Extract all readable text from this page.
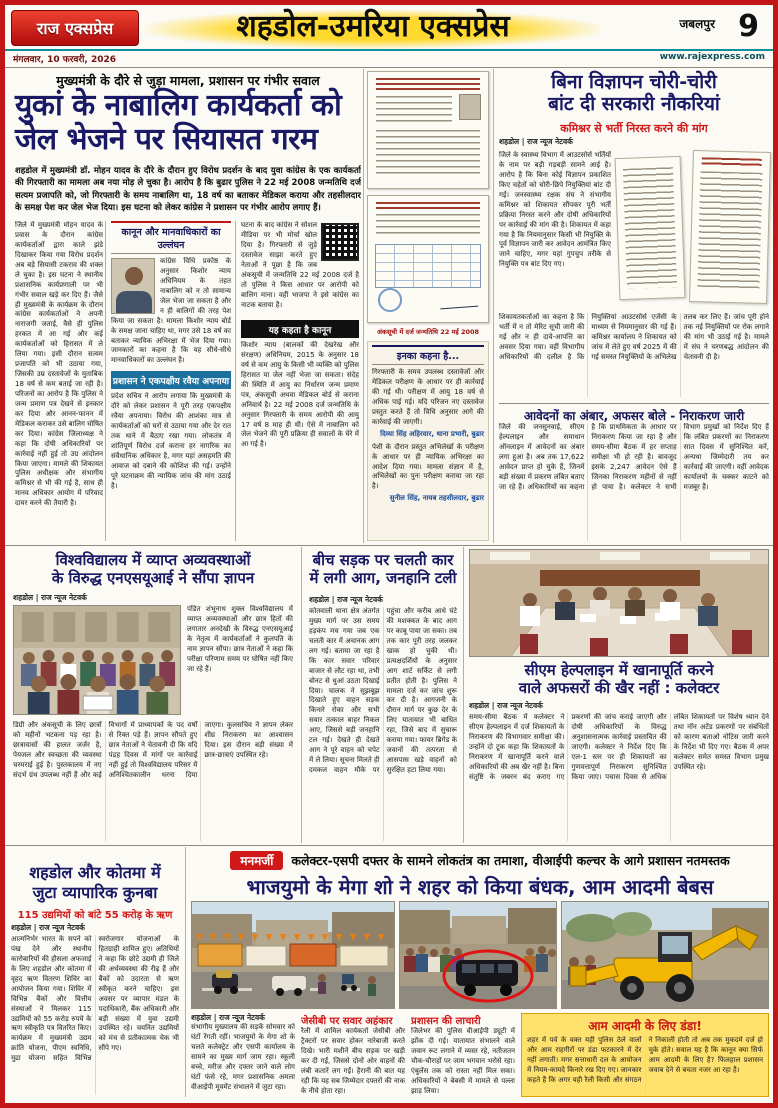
राज एक्सप्रेस	शहडोल-उमरिया एक्सप्रेस	जबलपुर 9
मंगलवार, 10 फरवरी, 2026	www.rajexpress.com
मुख्यमंत्री के दौरे से जुड़ा मामला, प्रशासन पर गंभीर सवाल
युकां के नाबालिग कार्यकर्ता को
जेल भेजने पर सियासत गरम

शहडोल में मुख्यमंत्री डॉ. मोहन यादव के दौरे के दौरान हुए विरोध प्रदर्शन के बाद युवा कांग्रेस के एक कार्यकर्ता की गिरफ्तारी का मामला अब नया मोड़ ले चुका है। आरोप है कि बुढार पुलिस ने 22 मई 2008 जन्मतिथि दर्ज सत्यम प्रजापति को, जो गिरफ्तारी के समय नाबालिग था, 18 वर्ष का बताकर मेडिकल कराया और तहसीलदार के समक्ष पेश कर जेल भेज दिया। इस घटना को लेकर कांग्रेस ने प्रशासन पर गंभीर आरोप लगाए हैं।

जिले में मुख्यमंत्री मोहन यादव के प्रवास के दौरान कांग्रेस कार्यकर्ताओं द्वारा काले झंडे दिखाकर किया गया विरोध प्रदर्शन अब बड़े सियासी टकराव की शक्ल ले चुका है। इस घटना ने स्थानीय प्रशासनिक कार्यप्रणाली पर भी गंभीर सवाल खड़े कर दिए हैं। जैसे ही मुख्यमंत्री के कार्यक्रम के दौरान कांग्रेस कार्यकर्ताओं ने अपनी नाराजगी जताई, वैसे ही पुलिस हरकत में आ गई और कई कार्यकर्ताओं को हिरासत में ले लिया गया। इसी दौरान सत्यम प्रजापति को भी उठाया गया, जिसकी उम्र दस्तावेजों के मुताबिक 18 वर्ष से कम बताई जा रही है। परिजनों का आरोप है कि पुलिस ने जन्म प्रमाण पत्र देखने से इनकार कर दिया और आनन-फानन में मेडिकल कराकर उसे बालिग घोषित कर दिया। कांग्रेस जिलाध्यक्ष ने कहा कि दोषी अधिकारियों पर कार्रवाई नहीं हुई तो उग्र आंदोलन किया जाएगा। मामले की शिकायत पुलिस अधीक्षक और संभागीय कमिश्नर से भी की गई है, साथ ही मानव अधिकार आयोग में परिवाद दायर करने की तैयारी है।
कानून और मानवाधिकारों का उल्लंघन
कांग्रेस विधि प्रकोष्ठ के अनुसार किशोर न्याय अधिनियम के तहत नाबालिग को न तो सामान्य जेल भेजा जा सकता है और न ही बालिगों की तरह पेश किया जा सकता है। मामला किशोर न्याय बोर्ड के समक्ष जाना चाहिए था, मगर उसे 18 वर्ष का बताकर न्यायिक अभिरक्षा में भेज दिया गया। जानकारों का कहना है कि यह सीधे-सीधे मानवाधिकारों का उल्लंघन है।
प्रशासन ने एकपक्षीय रवैया अपनाया
प्रदेश सचिव ने आरोप लगाया कि मुख्यमंत्री के दौरे को लेकर प्रशासन ने पूरी तरह एकपक्षीय रवैया अपनाया। विरोध की आशंका मात्र से कार्यकर्ताओं को घरों से उठाया गया और देर रात तक थाने में बैठाए रखा गया। लोकतंत्र में शांतिपूर्ण विरोध दर्ज कराना हर नागरिक का संवैधानिक अधिकार है, मगर यहां असहमति की आवाज को दबाने की कोशिश की गई। उन्होंने पूरे घटनाक्रम की न्यायिक जांच की मांग उठाई है।
घटना के बाद कांग्रेस ने सोशल मीडिया पर भी मोर्चा खोल दिया है। गिरफ्तारी से जुड़े दस्तावेज साझा करते हुए नेताओं ने पूछा है कि जब अंकसूची में जन्मतिथि 22 मई 2008 दर्ज है तो पुलिस ने किस आधार पर आरोपी को बालिग माना। वहीं भाजपा ने इसे कांग्रेस का नाटक बताया है।
यह कहता है कानून
किशोर न्याय (बालकों की देखरेख और संरक्षण) अधिनियम, 2015 के अनुसार 18 वर्ष से कम आयु के किसी भी व्यक्ति को पुलिस हिरासत या जेल नहीं भेजा जा सकता। संदेह की स्थिति में आयु का निर्धारण जन्म प्रमाण पत्र, अंकसूची अथवा मेडिकल बोर्ड से कराना अनिवार्य है। 22 मई 2008 दर्ज जन्मतिथि के अनुसार गिरफ्तारी के समय आरोपी की आयु 17 वर्ष 8 माह ही थी। ऐसे में नाबालिग को जेल भेजने की पूरी प्रक्रिया ही सवालों के घेरे में आ गई है।
अंकसूची में दर्ज जन्मतिथि 22 मई 2008
इनका कहना है...
गिरफ्तारी के समय उपलब्ध दस्तावेजों और मेडिकल परीक्षण के आधार पर ही कार्रवाई की गई थी। परीक्षण में आयु 18 वर्ष से अधिक पाई गई। यदि परिजन नए दस्तावेज प्रस्तुत करते हैं तो विधि अनुसार आगे की कार्रवाई की जाएगी।
दिव्या सिंह अहिरवार, थाना प्रभारी, बुढार
पेशी के दौरान प्रस्तुत अभिलेखों के परीक्षण के आधार पर ही न्यायिक अभिरक्षा का आदेश दिया गया। मामला संज्ञान में है, अभिलेखों का पुनः परीक्षण कराया जा रहा है।
सुनील सिंह, नायब तहसीलदार, बुढार
बिना विज्ञापन चोरी-चोरी
बांट दी सरकारी नौकरियां
कमिश्नर से भर्ती निरस्त करने की मांग
शहडोल | राज न्यूज नेटवर्क
जिले के स्वास्थ्य विभाग में आउटसोर्स भर्तियों के नाम पर बड़ी गड़बड़ी सामने आई है। आरोप है कि बिना कोई विज्ञापन प्रकाशित किए चहेतों को चोरी-छिपे नियुक्तियां बांट दी गईं। जनस्वास्थ्य रक्षक संघ ने संभागीय कमिश्नर को शिकायत सौंपकर पूरी भर्ती प्रक्रिया निरस्त करने और दोषी अधिकारियों पर कार्रवाई की मांग की है। शिकायत में कहा गया है कि नियमानुसार किसी भी नियुक्ति के पूर्व विज्ञापन जारी कर आवेदन आमंत्रित किए जाने चाहिए, मगर यहां गुपचुप तरीके से नियुक्ति पत्र बांट दिए गए।
शिकायतकर्ताओं का कहना है कि भर्ती में न तो मेरिट सूची जारी की गई और न ही दावे-आपत्ति का अवसर दिया गया। वहीं विभागीय अधिकारियों की दलील है कि नियुक्तियां आउटसोर्स एजेंसी के माध्यम से नियमानुसार की गई हैं। कमिश्नर कार्यालय ने शिकायत को जांच में लेते हुए वर्ष 2025 में की गई समस्त नियुक्तियों के अभिलेख तलब कर लिए हैं। जांच पूरी होने तक नई नियुक्तियों पर रोक लगाने की मांग भी उठाई गई है। मामले में संघ ने चरणबद्ध आंदोलन की चेतावनी दी है।
आवेदनों का अंबार, अफसर बोले - निराकरण जारी
जिले की जनसुनवाई, सीएम हेल्पलाइन और समाधान ऑनलाइन में आवेदनों का अंबार लगा हुआ है। अब तक 17,622 आवेदन प्राप्त हो चुके हैं, जिनमें बड़ी संख्या में प्रकरण लंबित बताए जा रहे हैं। अधिकारियों का कहना है कि प्राथमिकता के आधार पर निराकरण किया जा रहा है और समय-सीमा बैठक में हर सप्ताह समीक्षा भी हो रही है। बावजूद इसके 2,247 आवेदन ऐसे हैं जिनका निराकरण महीनों से नहीं हो पाया है। कलेक्टर ने सभी विभाग प्रमुखों को निर्देश दिए हैं कि लंबित प्रकरणों का निराकरण सात दिवस में सुनिश्चित करें, अन्यथा जिम्मेदारी तय कर कार्रवाई की जाएगी। वहीं आवेदक कार्यालयों के चक्कर काटने को मजबूर हैं।
विश्वविद्यालय में व्याप्त अव्यवस्थाओं
के विरुद्ध एनएसयूआई ने सौंपा ज्ञापन
शहडोल | राज न्यूज नेटवर्क
पंडित शंभूनाथ शुक्ल विश्वविद्यालय में व्याप्त अव्यवस्थाओं और छात्र हितों की लगातार अनदेखी के विरुद्ध एनएसयूआई के नेतृत्व में कार्यकर्ताओं ने कुलपति के नाम ज्ञापन सौंपा। छात्र नेताओं ने कहा कि परीक्षा परिणाम समय पर घोषित नहीं किए जा रहे हैं।
डिग्री और अंकसूची के लिए छात्रों को महीनों भटकना पड़ रहा है। छात्रावासों की हालत जर्जर है, पेयजल और स्वच्छता की व्यवस्था चरमराई हुई है। पुस्तकालय में नए संदर्भ ग्रंथ उपलब्ध नहीं हैं और कई विभागों में प्राध्यापकों के पद वर्षों से रिक्त पड़े हैं। ज्ञापन सौंपते हुए छात्र नेताओं ने चेतावनी दी कि यदि पंद्रह दिवस में मांगों पर कार्रवाई नहीं हुई तो विश्वविद्यालय परिसर में अनिश्चितकालीन धरना दिया जाएगा। कुलसचिव ने ज्ञापन लेकर शीघ्र निराकरण का आश्वासन दिया। इस दौरान बड़ी संख्या में छात्र-छात्राएं उपस्थित रहे।
बीच सड़क पर चलती कार
में लगी आग, जनहानि टली
शहडोल | राज न्यूज नेटवर्क
कोतवाली थाना क्षेत्र अंतर्गत मुख्य मार्ग पर उस समय हड़कंप मच गया जब एक चलती कार में अचानक आग लग गई। बताया जा रहा है कि कार सवार परिवार बाजार से लौट रहा था, तभी बोनट से धुआं उठता दिखाई दिया। चालक ने सूझबूझ दिखाते हुए वाहन सड़क किनारे रोका और सभी सवार तत्काल बाहर निकल आए, जिससे बड़ी जनहानि टल गई। देखते ही देखते आग ने पूरे वाहन को चपेट में ले लिया। सूचना मिलते ही दमकल वाहन मौके पर पहुंचा और करीब आधे घंटे की मशक्कत के बाद आग पर काबू पाया जा सका। तब तक कार पूरी तरह जलकर खाक हो चुकी थी। प्रत्यक्षदर्शियों के अनुसार आग शार्ट सर्किट से लगी प्रतीत होती है। पुलिस ने मामला दर्ज कर जांच शुरू कर दी है। आगजनी के दौरान मार्ग पर कुछ देर के लिए यातायात भी बाधित रहा, जिसे बाद में सुचारू कराया गया। फायर ब्रिगेड के जवानों की तत्परता से आसपास खड़े वाहनों को सुरक्षित हटा लिया गया।
सीएम हेल्पलाइन में खानापूर्ति करने
वाले अफसरों की खैर नहीं : कलेक्टर
शहडोल | राज न्यूज नेटवर्क
समय-सीमा बैठक में कलेक्टर ने सीएम हेल्पलाइन में दर्ज शिकायतों के निराकरण की विभागवार समीक्षा की। उन्होंने दो टूक कहा कि शिकायतों के निराकरण में खानापूर्ति करने वाले अधिकारियों की अब खैर नहीं है। बिना संतुष्टि के जबरन बंद कराए गए प्रकरणों की जांच कराई जाएगी और दोषी अधिकारियों के विरुद्ध अनुशासनात्मक कार्रवाई प्रस्तावित की जाएगी। कलेक्टर ने निर्देश दिए कि एल-1 स्तर पर ही शिकायतों का गुणवत्तापूर्ण निराकरण सुनिश्चित किया जाए। पचास दिवस से अधिक लंबित शिकायतों पर विशेष ध्यान देने तथा नॉन अटेंड प्रकरणों पर संबंधितों को कारण बताओ नोटिस जारी करने के निर्देश भी दिए गए। बैठक में अपर कलेक्टर समेत समस्त विभाग प्रमुख उपस्थित रहे।
शहडोल और कोतमा में
जुटा व्यापारिक कुनबा
115 उद्यमियों को बांटे 55 करोड़ के ऋण
शहडोल | राज न्यूज नेटवर्क
आत्मनिर्भर भारत के सपने को पंख देने और स्थानीय कारोबारियों की हौसला अफजाई के लिए शहडोल और कोतमा में वृहद ऋण वितरण शिविर का आयोजन किया गया। शिविर में विभिन्न बैंकों और वित्तीय संस्थाओं ने मिलकर 115 उद्यमियों को 55 करोड़ रुपये के ऋण स्वीकृति पत्र वितरित किए। कार्यक्रम में मुख्यमंत्री उद्यम क्रांति योजना, पीएम स्वनिधि, मुद्रा योजना सहित विभिन्न स्वरोजगार योजनाओं के हितग्राही शामिल हुए। अतिथियों ने कहा कि छोटे उद्यमी ही जिले की अर्थव्यवस्था की रीढ़ हैं और बैंकों को उदारता से ऋण स्वीकृत करने चाहिए। इस अवसर पर व्यापार मंडल के पदाधिकारी, बैंक अधिकारी और बड़ी संख्या में युवा उद्यमी उपस्थित रहे। चयनित उद्यमियों को मंच से प्रतीकात्मक चेक भी सौंपे गए।
मनमर्जी	कलेक्टर-एसपी दफ्तर के सामने लोकतंत्र का तमाशा, वीआईपी कल्चर के आगे प्रशासन नतमस्तक
भाजयुमो के मेगा शो ने शहर को किया बंधक, आम आदमी बेबस
शहडोल | राज न्यूज नेटवर्क
संभागीय मुख्यालय की सड़कें सोमवार को घंटों रेंगती रहीं। भाजयुमो के मेगा शो के चलते कलेक्ट्रेट और एसपी कार्यालय के सामने का मुख्य मार्ग जाम रहा। स्कूली बच्चे, मरीज और दफ्तर जाने वाले लोग घंटों फंसे रहे, मगर प्रशासनिक अमला वीआईपी मूवमेंट संभालने में जुटा रहा।
जेसीबी पर सवार अहंकार
रैली में शामिल कार्यकर्ता जेसीबी और ट्रैक्टरों पर सवार होकर नारेबाजी करते दिखे। भारी मशीनें बीच सड़क पर खड़ी कर दी गईं, जिससे दोनों ओर वाहनों की लंबी कतारें लग गईं। हैरानी की बात यह रही कि यह सब जिम्मेदार दफ्तरों की नाक के नीचे होता रहा।
प्रशासन की लाचारी
जिलेभर की पुलिस वीआईपी ड्यूटी में झोंक दी गई। यातायात संभालने वाले जवान रूट लगाने में व्यस्त रहे, नतीजतन चौक-चौराहों पर जाम भगवान भरोसे रहा। एंबुलेंस तक को रास्ता नहीं मिल सका। अधिकारियों ने बेबसी में मामले से पल्ला झाड़ लिया।
आम आदमी के लिए डंडा!
शहर में पर्व के वक्त यही पुलिस ठेले वालों और आम राहगीरों पर डंडा फटकारने में देर नहीं लगाती। मगर सत्ताधारी दल के आयोजन में नियम-कायदे किनारे रख दिए गए। जानकार कहते हैं कि अगर यही रैली किसी और संगठन ने निकाली होती तो अब तक मुकदमे दर्ज हो चुके होते। सवाल यह है कि कानून क्या सिर्फ आम आदमी के लिए है? फिलहाल प्रशासन जवाब देने से बचता नजर आ रहा है।
